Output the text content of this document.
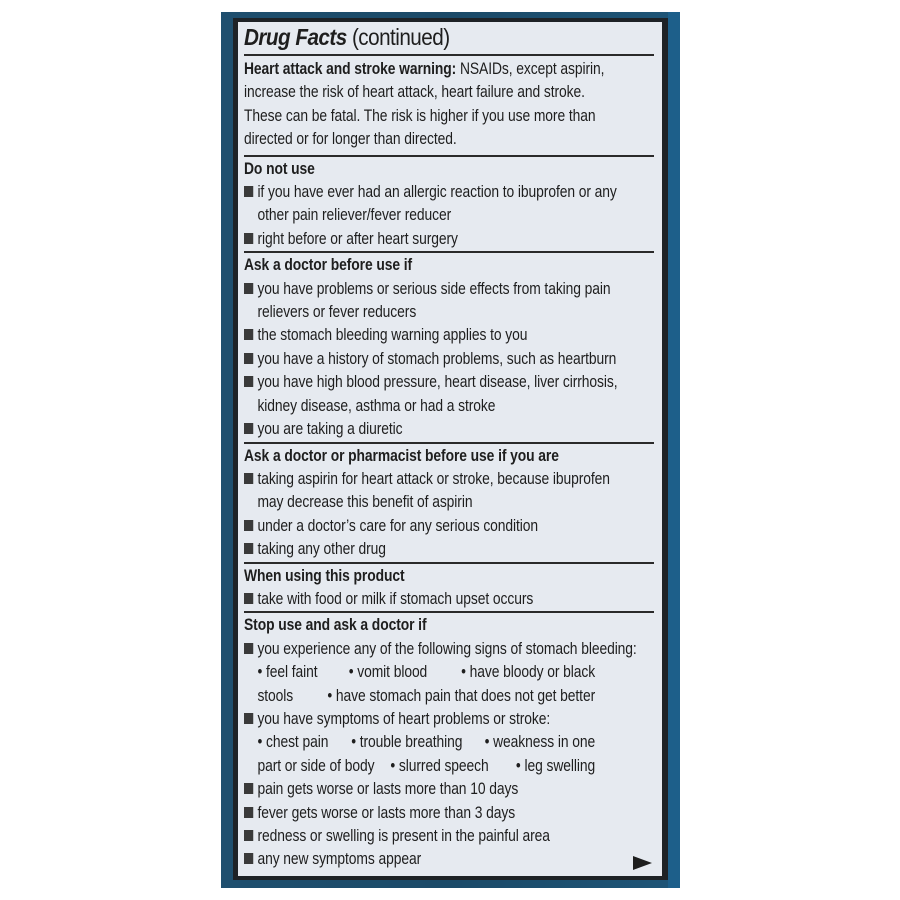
Drug Facts (continued)
Heart attack and stroke warning: NSAIDs, except aspirin,
increase the risk of heart attack, heart failure and stroke.
These can be fatal. The risk is higher if you use more than
directed or for longer than directed.
Do not use
if you have ever had an allergic reaction to ibuprofen or any
other pain reliever/fever reducer
right before or after heart surgery
Ask a doctor before use if
you have problems or serious side effects from taking pain
relievers or fever reducers
the stomach bleeding warning applies to you
you have a history of stomach problems, such as heartburn
you have high blood pressure, heart disease, liver cirrhosis,
kidney disease, asthma or had a stroke
you are taking a diuretic
Ask a doctor or pharmacist before use if you are
taking aspirin for heart attack or stroke, because ibuprofen
may decrease this benefit of aspirin
under a doctor’s care for any serious condition
taking any other drug
When using this product
take with food or milk if stomach upset occurs
Stop use and ask a doctor if
you experience any of the following signs of stomach bleeding:
• feel faint	• vomit blood	• have bloody or black
stools	• have stomach pain that does not get better
you have symptoms of heart problems or stroke:
• chest pain	• trouble breathing	• weakness in one
part or side of body • slurred speech	• leg swelling
pain gets worse or lasts more than 10 days
fever gets worse or lasts more than 3 days
redness or swelling is present in the painful area
any new symptoms appear
